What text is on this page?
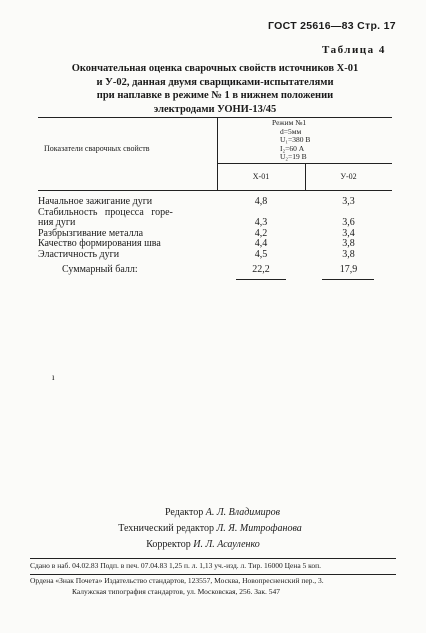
ГОСТ 25616—83 Стр. 17
Таблица 4
Окончательная оценка сварочных свойств источников Х-01
и У-02, данная двумя сварщиками-испытателями
при наплавке в режиме № 1 в нижнем положении
электродами УОНИ-13/45
Показатели сварочных свойств
Режим №1
d=5мм
U₁=380 В
I₂=60 А
U₂=19 В
Х-01	У-02
Начальное зажигание дуги	4,8	3,3
Стабильность процесса горе-
ния дуги	4,3	3,6
Разбрызгивание металла	4,2	3,4
Качество формирования шва	4,4	3,8
Эластичность дуги	4,5	3,8
Суммарный балл:	22,2	17,9
ı
Редактор А. Л. Владимиров
Технический редактор Л. Я. Митрофанова
Корректор И. Л. Асауленко
Сдано в наб. 04.02.83 Подп. в печ. 07.04.83 1,25 п. л. 1,13 уч.-изд. л. Тир. 16000 Цена 5 коп.
Ордена «Знак Почета» Издательство стандартов, 123557, Москва, Новопресненский пер., 3.
Калужская типография стандартов, ул. Московская, 256. Зак. 547
